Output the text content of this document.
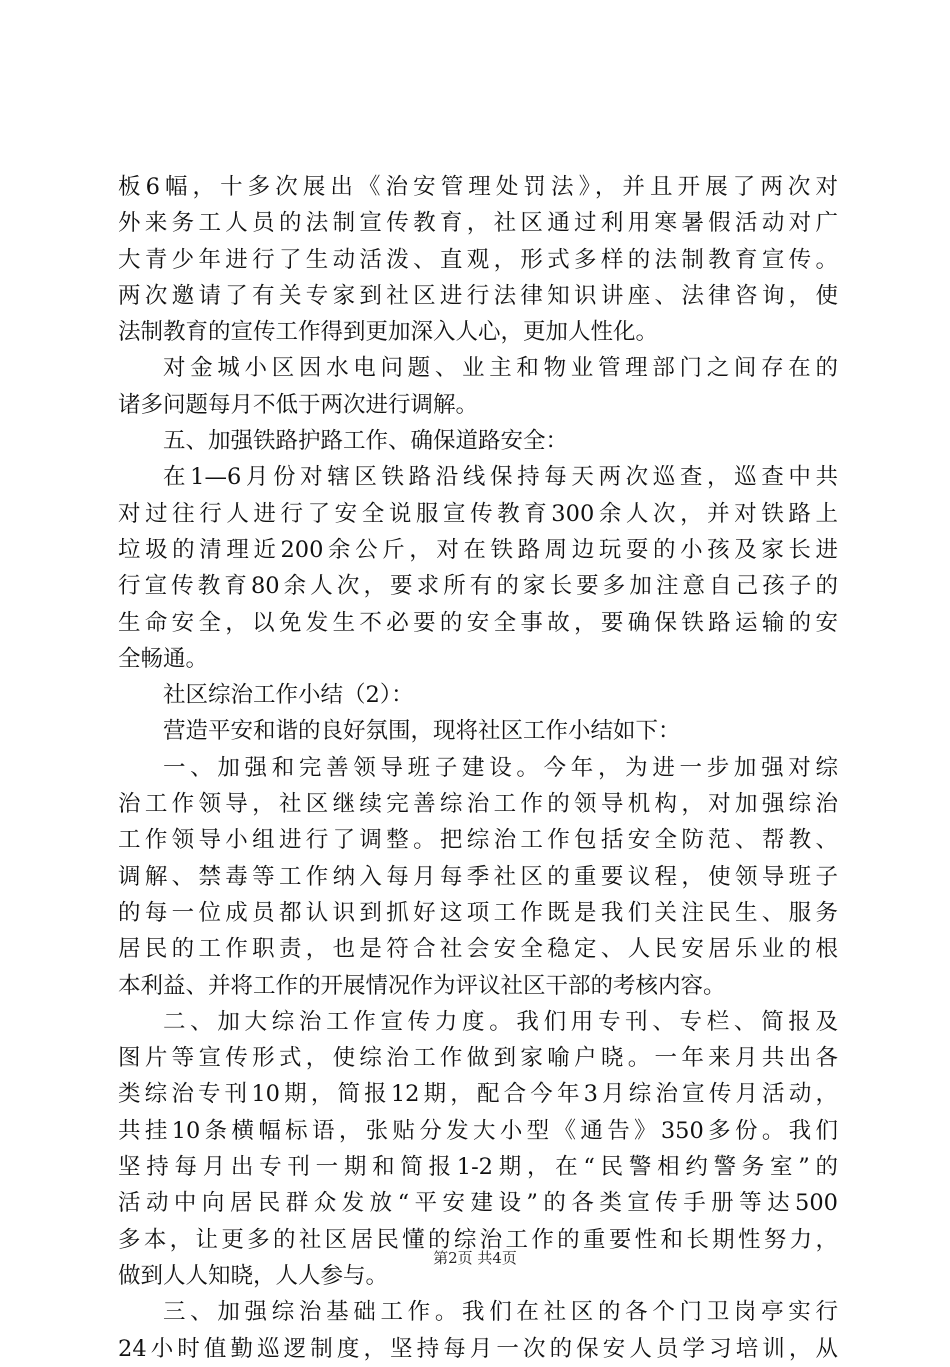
板6幅，十多次展出《治安管理处罚法》，并且开展了两次对
外来务工人员的法制宣传教育，社区通过利用寒暑假活动对广
大青少年进行了生动活泼、直观，形式多样的法制教育宣传。
两次邀请了有关专家到社区进行法律知识讲座、法律咨询，使
法制教育的宣传工作得到更加深入人心，更加人性化。
对金城小区因水电问题、业主和物业管理部门之间存在的
诸多问题每月不低于两次进行调解。
五、加强铁路护路工作、确保道路安全：
在1—6月份对辖区铁路沿线保持每天两次巡查，巡查中共
对过往行人进行了安全说服宣传教育300余人次，并对铁路上
垃圾的清理近200余公斤，对在铁路周边玩耍的小孩及家长进
行宣传教育80余人次，要求所有的家长要多加注意自己孩子的
生命安全，以免发生不必要的安全事故，要确保铁路运输的安
全畅通。
社区综治工作小结（2）：
营造平安和谐的良好氛围，现将社区工作小结如下：
一、加强和完善领导班子建设。今年，为进一步加强对综
治工作领导，社区继续完善综治工作的领导机构，对加强综治
工作领导小组进行了调整。把综治工作包括安全防范、帮教、
调解、禁毒等工作纳入每月每季社区的重要议程，使领导班子
的每一位成员都认识到抓好这项工作既是我们关注民生、服务
居民的工作职责，也是符合社会安全稳定、人民安居乐业的根
本利益、并将工作的开展情况作为评议社区干部的考核内容。
二、加大综治工作宣传力度。我们用专刊、专栏、简报及
图片等宣传形式，使综治工作做到家喻户晓。一年来月共出各
类综治专刊10期，简报12期，配合今年3月综治宣传月活动，
共挂10条横幅标语，张贴分发大小型《通告》350多份。我们
坚持每月出专刊一期和简报1-2期，在“民警相约警务室”的
活动中向居民群众发放“平安建设”的各类宣传手册等达500
多本，让更多的社区居民懂的综治工作的重要性和长期性努力，
做到人人知晓，人人参与。
三、加强综治基础工作。我们在社区的各个门卫岗亭实行
24小时值勤巡逻制度，坚持每月一次的保安人员学习培训，从
第2页 共4页
